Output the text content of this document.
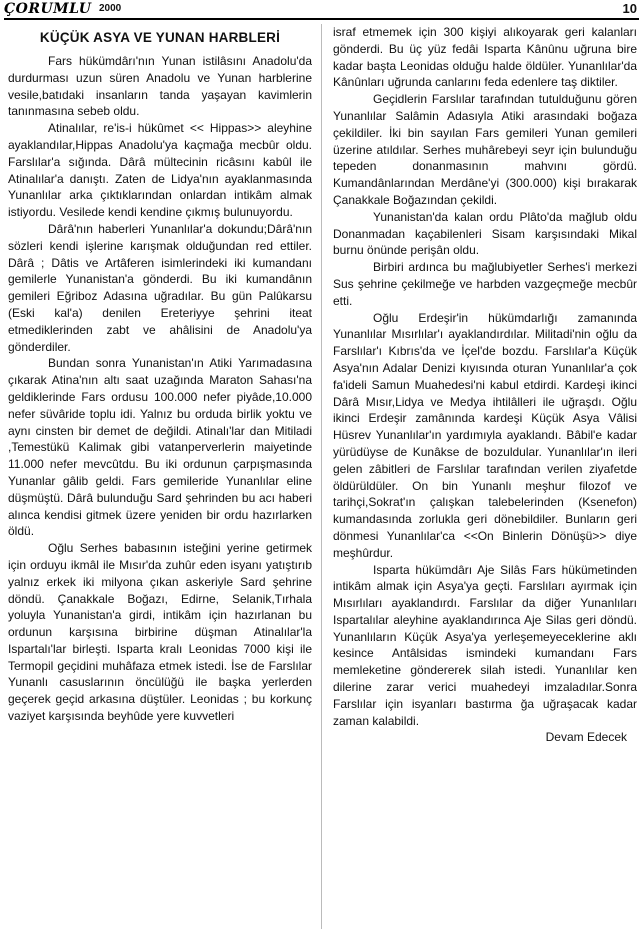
ÇORUMLU 2000	10
KÜÇÜK ASYA VE YUNAN HARBLERİ

Fars hükümdârı'nın Yunan istilâsını Anadolu'da durdurması uzun süren Anadolu ve Yunan harblerine vesile,batıdaki insanların tanda yaşayan kavimlerin tanınmasına sebeb oldu.

Atinalılar, re'is-i hükûmet << Hippas>> aleyhine ayaklandılar,Hippas Anadolu'ya kaçmağa mecbûr oldu. Farslılar'a sığında. Dârâ mültecinin ricâsını kabûl ile Atinalılar'a danıştı. Zaten de Lidya'nın ayaklanmasında Yunanlılar arka çıktıklarından onlardan intikâm almak istiyordu. Vesilede kendi kendine çıkmış bulunuyordu.

Dârâ'nın haberleri Yunanlılar'a dokundu;Dârâ'nın sözleri kendi işlerine karışmak olduğundan red ettiler. Dârâ ; Dâtis ve Artâferen isimlerindeki iki kumandanı gemilerle Yunanistan'a gönderdi. Bu iki kumandânın gemileri Eğriboz Adasına uğradılar. Bu gün Palûkarsu (Eski kal'a) denilen Ereteriyye şehrini iteat etmediklerinden zabt ve ahâlisini de Anadolu'ya gönderdiler.

Bundan sonra Yunanistan'ın Atiki Yarımadasına çıkarak Atina'nın altı saat uzağında Maraton Sahası'na geldiklerinde Fars ordusu 100.000 nefer piyâde,10.000 nefer süvâride toplu idi. Yalnız bu orduda birlik yoktu ve aynı cinsten bir demet de değildi. Atinalı'lar dan Mitiladi ,Temestükü Kalimak gibi vatanperverlerin maiyetinde 11.000 nefer mevcûtdu. Bu iki ordunun çarpışmasında Yunanlar gâlib geldi. Fars gemileride Yunanlılar eline düşmüştü. Dârâ bulunduğu Sard şehrinden bu acı haberi alınca kendisi gitmek üzere yeniden bir ordu hazırlarken öldü.

Oğlu Serhes babasının isteğini yerine getirmek için orduyu ikmâl ile Mısır'da zuhûr eden isyanı yatıştırıb yalnız erkek iki milyona çıkan askeriyle Sard şehrine döndü. Çanakkale Boğazı, Edirne, Selanik,Tırhala yoluyla Yunanistan'a girdi, intikâm için hazırlanan bu ordunun karşısına birbirine düşman Atinalılar'la Ispartalı'lar birleşti. Isparta kralı Leonidas 7000 kişi ile Termopil geçidini muhâfaza etmek istedi. İse de Farslılar Yunanlı casuslarının öncülüğü ile başka yerlerden geçerek geçid arkasına düştüler. Leonidas ; bu korkunç vaziyet karşısında beyhûde yere kuvvetleri

israf etmemek için 300 kişiyi alıkoyarak geri kalanları gönderdi. Bu üç yüz fedâi Isparta Kânûnu uğruna bire kadar başta Leonidas olduğu halde öldüler. Yunanlılar'da Kânûnları uğrunda canlarını feda edenlere taş diktiler.

Geçidlerin Farslılar tarafından tutulduğunu gören Yunanlılar Salâmin Adasıyla Atiki arasındaki boğaza çekildiler. İki bin sayılan Fars gemileri Yunan gemileri üzerine atıldılar. Serhes muhârebeyi seyr için bulunduğu tepeden donanmasının mahvını gördü. Kumandânlarından Merdâne'yi (300.000) kişi bırakarak Çanakkale Boğazından çekildi.

Yunanistan'da kalan ordu Plâto'da mağlub oldu Donanmadan kaçabilenleri Sisam karşısındaki Mikal burnu önünde perişân oldu.

Birbiri ardınca bu mağlubiyetler Serhes'i merkezi Sus şehrine çekilmeğe ve harbden vazgeçmeğe mecbûr etti.

Oğlu Erdeşir'in hükümdarlığı zamanında Yunanlılar Mısırlılar'ı ayaklandırdılar. Militadi'nin oğlu da Farslılar'ı Kıbrıs'da ve İçel'de bozdu. Farslılar'a Küçük Asya'nın Adalar Denizi kıyısında oturan Yunanlılar'a çok fa'ideli Samun Muahedesi'ni kabul etdirdi. Kardeşi ikinci Dârâ Mısır,Lidya ve Medya ihtilâlleri ile uğraşdı. Oğlu ikinci Erdeşir zamânında kardeşi Küçük Asya Vâlisi Hüsrev Yunanlılar'ın yardımıyla ayaklandı. Bâbil'e kadar yürüdüyse de Kunâkse de bozuldular. Yunanlılar'ın ileri gelen zâbitleri de Farslılar tarafından verilen ziyafetde öldürüldüler. On bin Yunanlı meşhur filozof ve tarihçi,Sokrat'ın çalışkan talebelerinden (Ksenefon) kumandasında zorlukla geri dönebildiler. Bunların geri dönmesi Yunanlılar'ca <<On Binlerin Dönüşü>> diye meşhûrdur.

Isparta hükümdârı Aje Silâs Fars hükümetinden intikâm almak için Asya'ya geçti. Farslıları ayırmak için Mısırlıları ayaklandırdı. Farslılar da diğer Yunanlıları Ispartalılar aleyhine ayaklandırınca Aje Silas geri döndü. Yunanlıların Küçük Asya'ya yerleşemeyeceklerine aklı kesince Antâlsidas ismindeki kumandanı Fars memleketine göndererek silah istedi. Yunanlılar ken dilerine zarar verici muahedeyi imzaladılar.Sonra Farslılar için isyanları bastırma ğa uğraşacak kadar zaman kalabildi.

Devam Edecek
